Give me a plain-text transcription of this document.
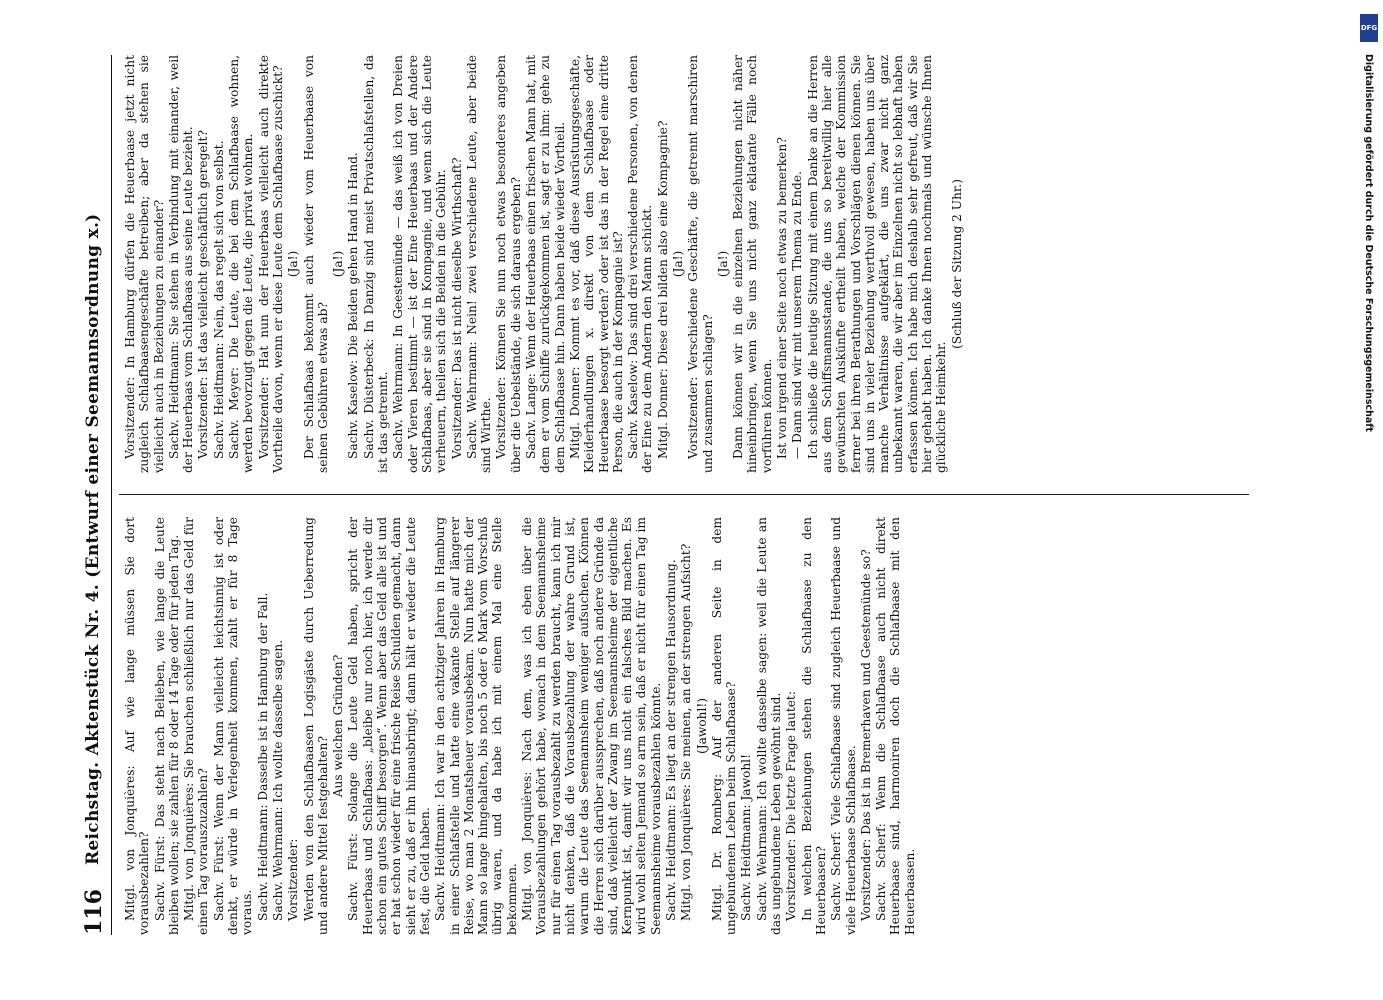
116
Reichstag. Aktenstück Nr. 4. (Entwurf einer Seemannsordnung x.) Mitgl. von Jonquières: Auf wie lange müssen Sie dort vorausbezahlen? Sachv. Fürst: Das steht nach Belieben, wie lange die Leute bleiben wollen; sie zahlen für 8 oder 14 Tage oder für jeden Tag. Mitgl. von Jonquières: Sie brauchen schließlich nur das Geld für einen Tag vorauszuzahlen? Sachv. Fürst: Wenn der Mann vielleicht leichtsinnig ist oder denkt, er würde in Verlegenheit kommen, zahlt er für 8 Tage voraus. Sachv. Heidtmann: Dasselbe ist in Hamburg der Fall. Sachv. Wehrmann: Ich wollte dasselbe sagen. Vorsitzender: Werden von den Schlafbaasen Logisgäste durch Ueberredung und andere Mittel festgehalten?

Aus welchen Gründen? Sachv. Fürst: Solange die Leute Geld haben, spricht der Heuerbaas und Schlafbaas: „bleibe nur noch hier, ich werde dir schon ein gutes Schiff besorgen“. Wenn aber das Geld alle ist und er hat schon wieder für eine frische Reise Schulden gemacht, dann sieht er zu, daß er ihn hinausbringt; dann hält er wieder die Leute fest, die Geld haben. Sachv. Heidtmann: Ich war in den achtziger Jahren in Hamburg in einer Schlafstelle und hatte eine vakante Stelle auf längerer Reise, wo man 2 Monatsheuer vorausbekam. Nun hatte mich der Mann so lange hingehalten, bis noch 5 oder 6 Mark vom Vorschuß übrig waren, und da habe ich mit einem Mal eine Stelle bekommen. Mitgl. von Jonquières: Nach dem, was ich eben über die Vorausbezahlungen gehört habe, wonach in dem Seemannsheime nur für einen Tag vorausbezahlt zu werden braucht, kann ich mir nicht denken, daß die Vorausbezahlung der wahre Grund ist, warum die Leute das Seemannsheim weniger aufsuchen. Können die Herren sich darüber aussprechen, daß noch andere Gründe da sind, daß vielleicht der Zwang im Seemannsheime der eigentliche Kernpunkt ist, damit wir uns nicht ein falsches Bild machen. Es wird wohl selten Jemand so arm sein, daß er nicht für einen Tag im Seemannsheime vorausbezahlen könnte. Sachv. Heidtmann: Es liegt an der strengen Hausordnung. Mitgl. von Jonquières: Sie meinen, an der strengen Aufsicht? (Jawohl!) Mitgl. Dr. Romberg: Auf der anderen Seite in dem ungebundenen Leben beim Schlafbaase? Sachv. Heidtmann: Jawohl! Sachv. Wehrmann: Ich wollte dasselbe sagen: weil die Leute an das ungebundene Leben gewöhnt sind. Vorsitzender: Die letzte Frage lautet: In welchen Beziehungen stehen die Schlafbaase zu den Heuerbaasen? Sachv. Scherf: Viele Schlafbaase sind zugleich Heuerbaase und viele Heuerbaase Schlafbaase. Vorsitzender: Das ist in Bremerhaven und Geestemünde so? Sachv. Scherf: Wenn die Schlafbaase auch nicht direkt Heuerbaase sind, harmoniren doch die Schlafbaase mit den Heuerbaasen.

Vorsitzender: In Hamburg dürfen die Heuerbaase jetzt nicht zugleich Schlafbaasengeschäfte betreiben; aber da stehen sie vielleicht auch in Beziehungen zu einander? Sachv. Heidtmann: Sie stehen in Verbindung mit einander, weil der Heuerbaas vom Schlafbaas aus seine Leute bezieht. Vorsitzender: Ist das vielleicht geschäftlich geregelt? Sachv. Heidtmann: Nein, das regelt sich von selbst. Sachv. Meyer: Die Leute, die bei dem Schlafbaase wohnen, werden bevorzugt gegen die Leute, die privat wohnen. Vorsitzender: Hat nun der Heuerbaas vielleicht auch direkte Vortheile davon, wenn er diese Leute dem Schlafbaase zuschickt? (Ja!) Der Schlafbaas bekommt auch wieder vom Heuerbaase von seinen Gebühren etwas ab?

(Ja!) Sachv. Kaselow: Die Beiden gehen Hand in Hand. Sachv. Düsterbeck: In Danzig sind meist Privatschlafstellen, da ist das getrennt. Sachv. Wehrmann: In Geestemünde — das weiß ich von Dreien oder Vieren bestimmt — ist der Eine Heuerbaas und der Andere Schlafbaas, aber sie sind in Kompagnie, und wenn sich die Leute verheuern, theilen sich die Beiden in die Gebühr. Vorsitzender: Das ist nicht dieselbe Wirthschaft? Sachv. Wehrmann: Nein! zwei verschiedene Leute, aber beide sind Wirthe. Vorsitzender: Können Sie nun noch etwas besonderes angeben über die Uebelstände, die sich daraus ergeben? Sachv. Lange: Wenn der Heuerbaas einen frischen Mann hat, mit dem er vom Schiffe zurückgekommen ist, sagt er zu ihm: gehe zu dem Schlafbaase hin. Dann haben beide wieder Vortheil. Mitgl. Donner: Kommt es vor, daß diese Ausrüstungsgeschäfte, Kleiderhandlungen x. direkt von dem Schlafbaase oder Heuerbaase besorgt werden? oder ist das in der Regel eine dritte Person, die auch in der Kompagnie ist? Sachv. Kaselow: Das sind drei verschiedene Personen, von denen der Eine zu dem Andern den Mann schickt. Mitgl. Donner: Diese drei bilden also eine Kompagnie? (Ja!) Vorsitzender: Verschiedene Geschäfte, die getrennt marschiren und zusammen schlagen?

(Ja!) Dann können wir in die einzelnen Beziehungen nicht näher hineinbringen, wenn Sie uns nicht ganz eklatante Fälle noch vorführen können. Ist von irgend einer Seite noch etwas zu bemerken? — Dann sind wir mit unserem Thema zu Ende. Ich schließe die heutige Sitzung mit einem Danke an die Herren aus dem Schiffsmannsstande, die uns so bereitwillig hier alle gewünschten Auskünfte ertheilt haben, welche der Kommission ferner bei ihren Berathungen und Vorschlägen dienen können. Sie sind uns in vieler Beziehung werthvoll gewesen, haben uns über manche Verhältnisse aufgeklärt, die uns zwar nicht ganz unbekannt waren, die wir aber im Einzelnen nicht so lebhaft haben erfassen können. Ich habe mich deshalb sehr gefreut, daß wir Sie hier gehabt haben. Ich danke Ihnen nochmals und wünsche Ihnen glückliche Heimkehr.

(Schluß der Sitzung 2 Uhr.)

DFG
Digitalisierung gefördert durch die Deutsche Forschungsgemeinschaft
